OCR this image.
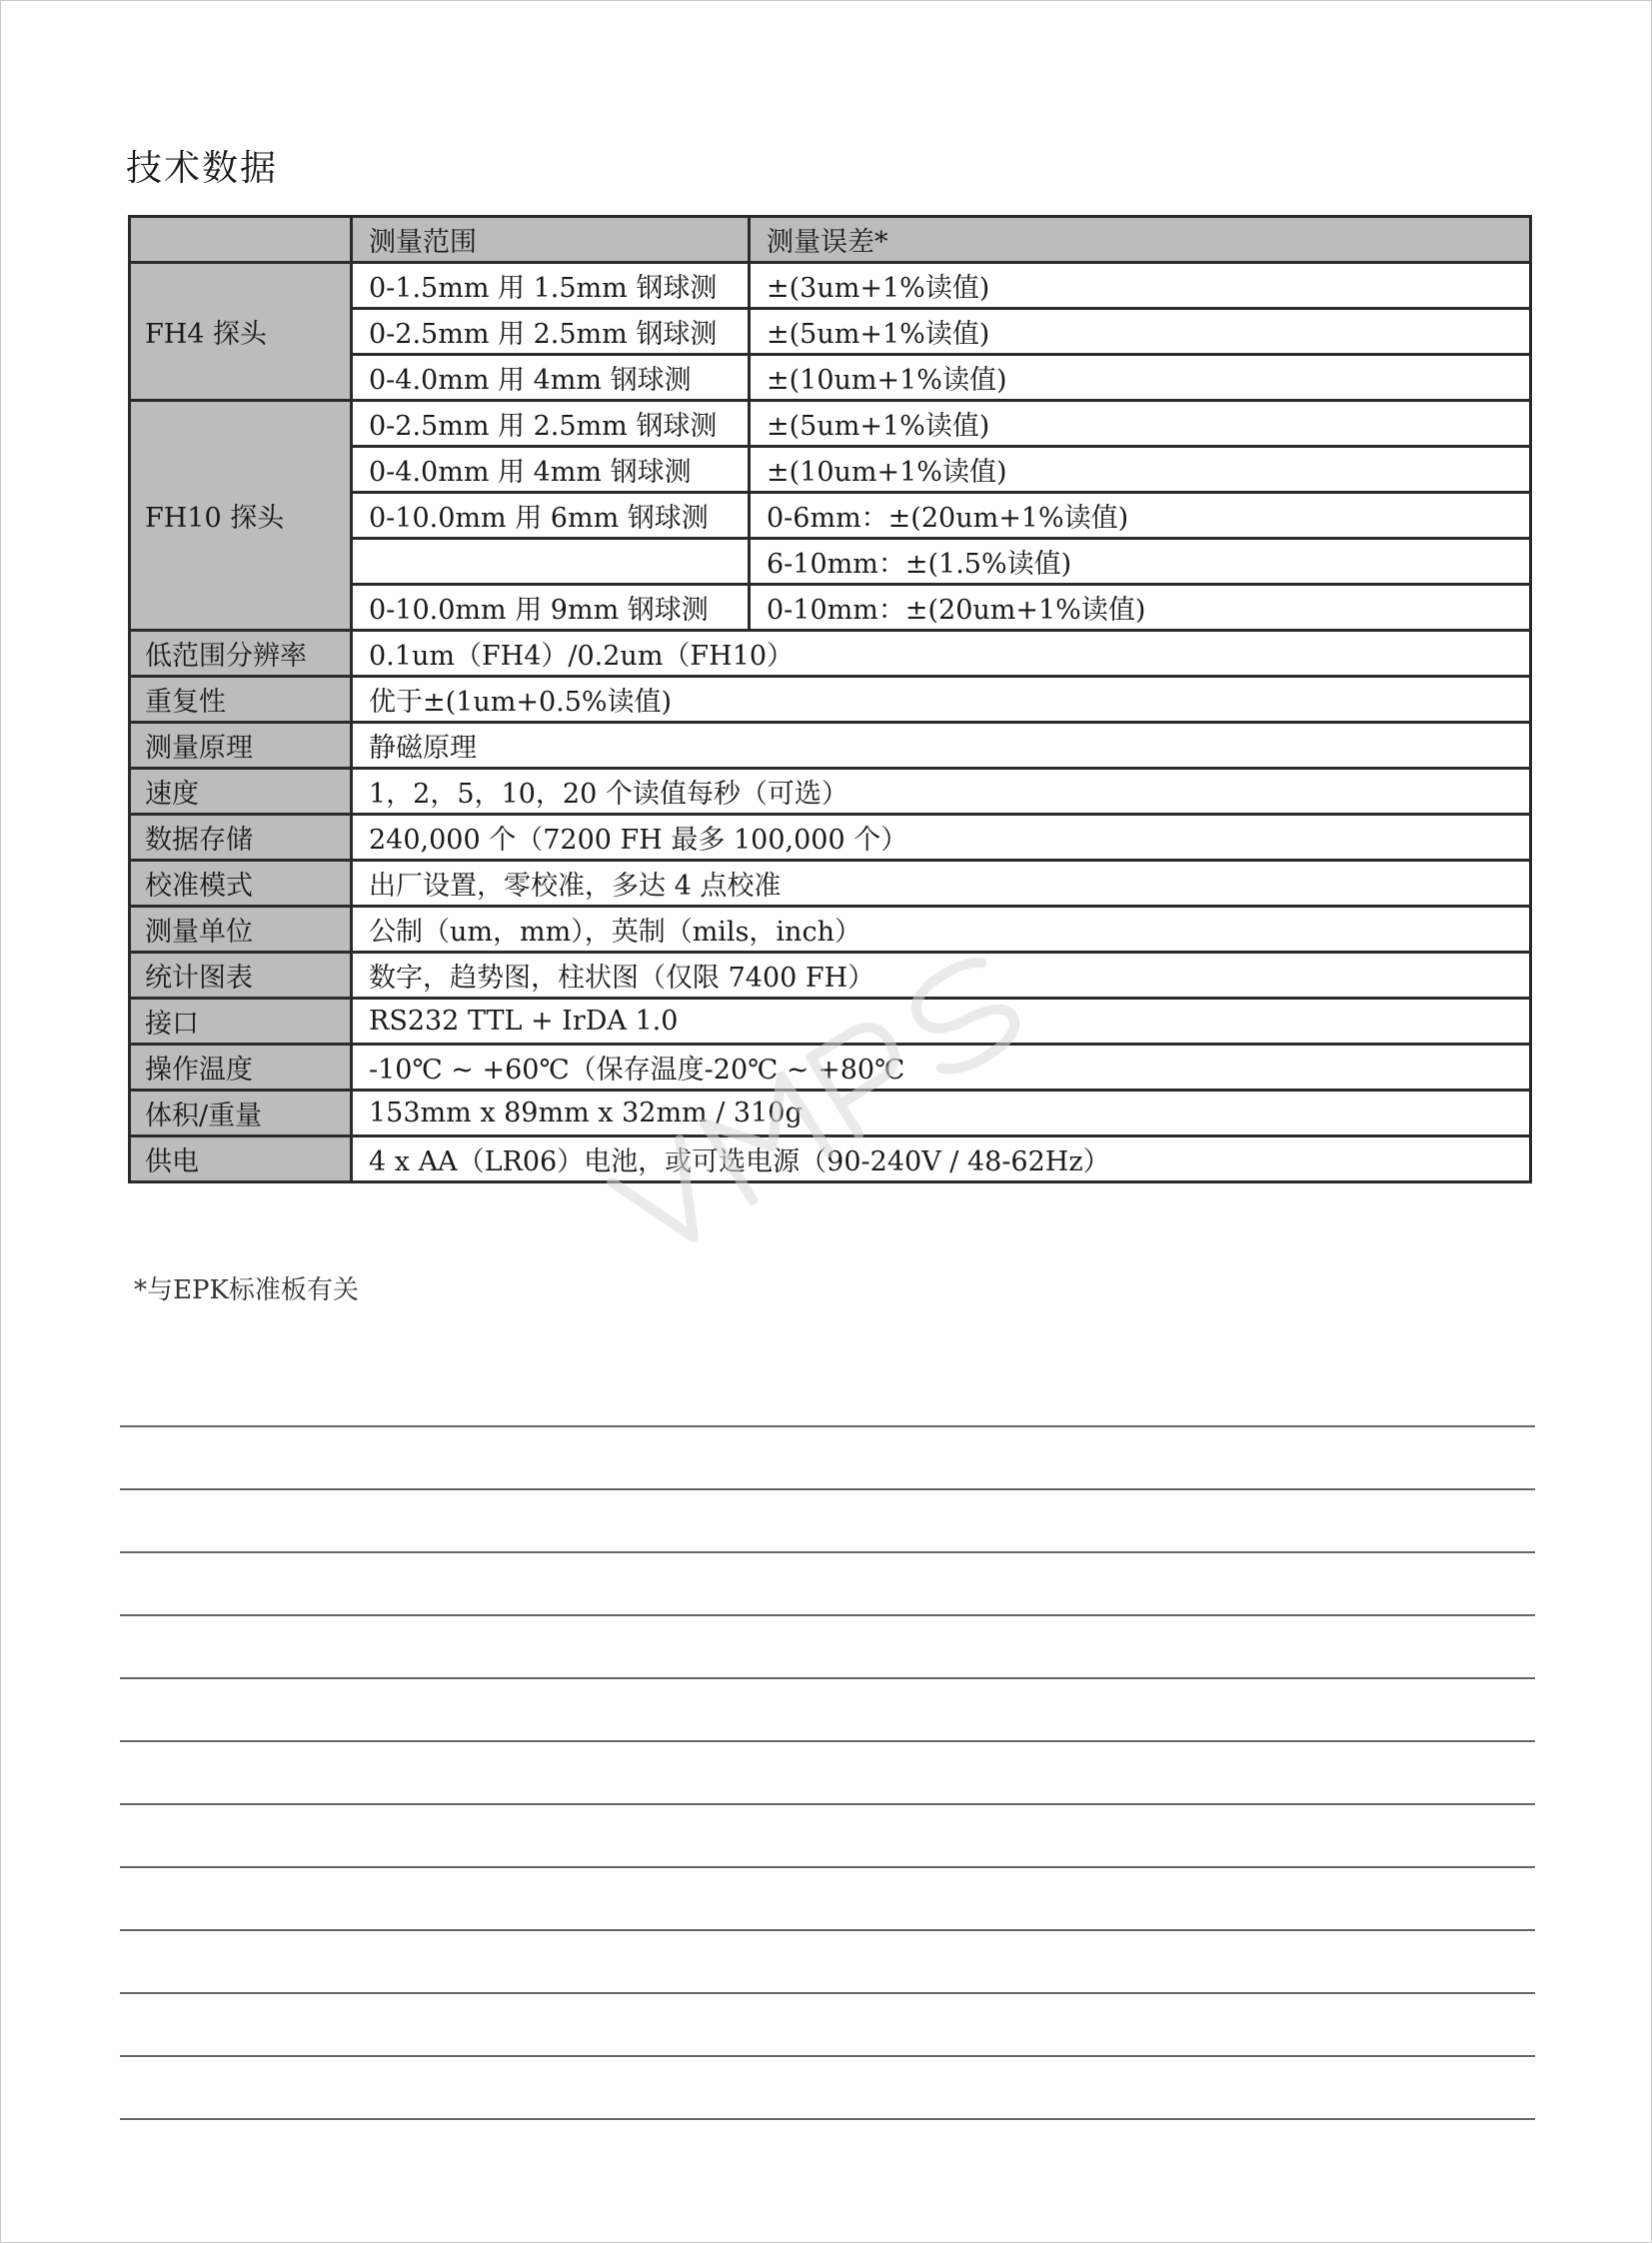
技术数据
	测量范围	测量误差*
FH4 探头	0-1.5mm 用 1.5mm 钢球测	±(3um+1%读值)
	0-2.5mm 用 2.5mm 钢球测	±(5um+1%读值)
	0-4.0mm 用 4mm 钢球测	±(10um+1%读值)
FH10 探头	0-2.5mm 用 2.5mm 钢球测	±(5um+1%读值)
	0-4.0mm 用 4mm 钢球测	±(10um+1%读值)
	0-10.0mm 用 6mm 钢球测	0-6mm：±(20um+1%读值)
		6-10mm：±(1.5%读值)
	0-10.0mm 用 9mm 钢球测	0-10mm：±(20um+1%读值)
低范围分辨率	0.1um（FH4）/0.2um（FH10）	
重复性	优于±(1um+0.5%读值)	
测量原理	静磁原理	
速度	1，2，5，10，20 个读值每秒（可选）	
数据存储	240,000 个（7200 FH 最多 100,000 个）	
校准模式	出厂设置，零校准，多达 4 点校准	
测量单位	公制（um，mm），英制（mils，inch）	
统计图表	数字，趋势图，柱状图（仅限 7400 FH）	
接口	RS232 TTL + IrDA 1.0	
操作温度	-10℃ ~ +60℃（保存温度-20℃ ~ +80℃	
体积/重量	153mm x 89mm x 32mm / 310g	
供电	4 x AA（LR06）电池，或可选电源（90-240V / 48-62Hz）	
*与EPK标准板有关
